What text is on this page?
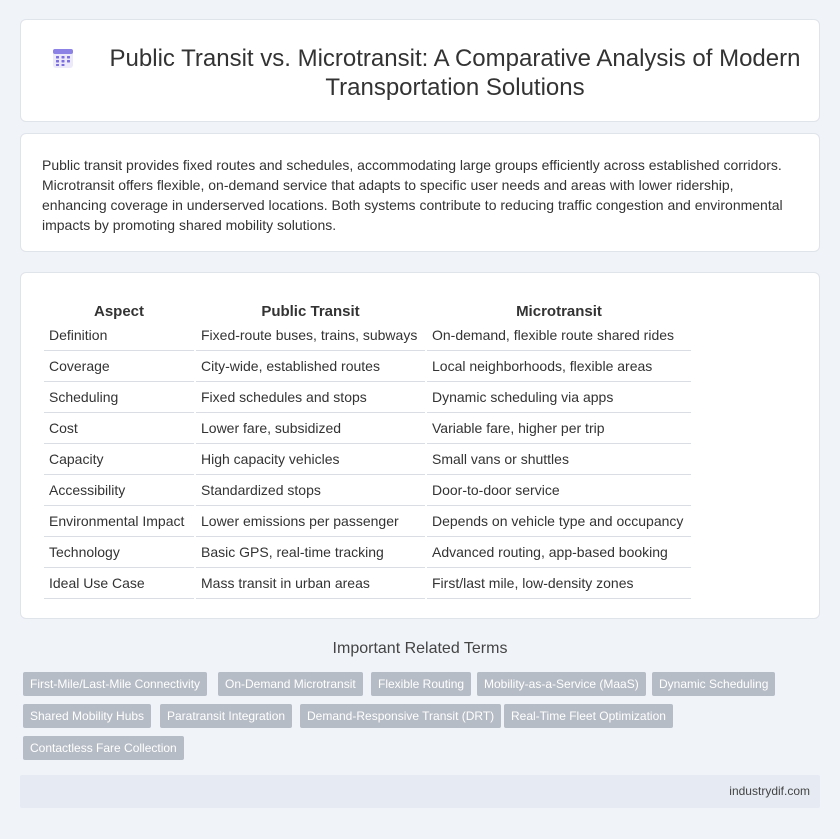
Public Transit vs. Microtransit: A Comparative Analysis of Modern Transportation Solutions

Public transit provides fixed routes and schedules, accommodating large groups efficiently across established corridors. Microtransit offers flexible, on-demand service that adapts to specific user needs and areas with lower ridership, enhancing coverage in underserved locations. Both systems contribute to reducing traffic congestion and environmental impacts by promoting shared mobility solutions.

Aspect	Public Transit	Microtransit
Definition	Fixed-route buses, trains, subways	On-demand, flexible route shared rides
Coverage	City-wide, established routes	Local neighborhoods, flexible areas
Scheduling	Fixed schedules and stops	Dynamic scheduling via apps
Cost	Lower fare, subsidized	Variable fare, higher per trip
Capacity	High capacity vehicles	Small vans or shuttles
Accessibility	Standardized stops	Door-to-door service
Environmental Impact	Lower emissions per passenger	Depends on vehicle type and occupancy
Technology	Basic GPS, real-time tracking	Advanced routing, app-based booking
Ideal Use Case	Mass transit in urban areas	First/last mile, low-density zones
Important Related Terms
First-Mile/Last-Mile Connectivity	On-Demand Microtransit	Flexible Routing	Mobility-as-a-Service (MaaS)	Dynamic Scheduling
Shared Mobility Hubs	Paratransit Integration	Demand-Responsive Transit (DRT)	Real-Time Fleet Optimization
Contactless Fare Collection
industrydif.com
